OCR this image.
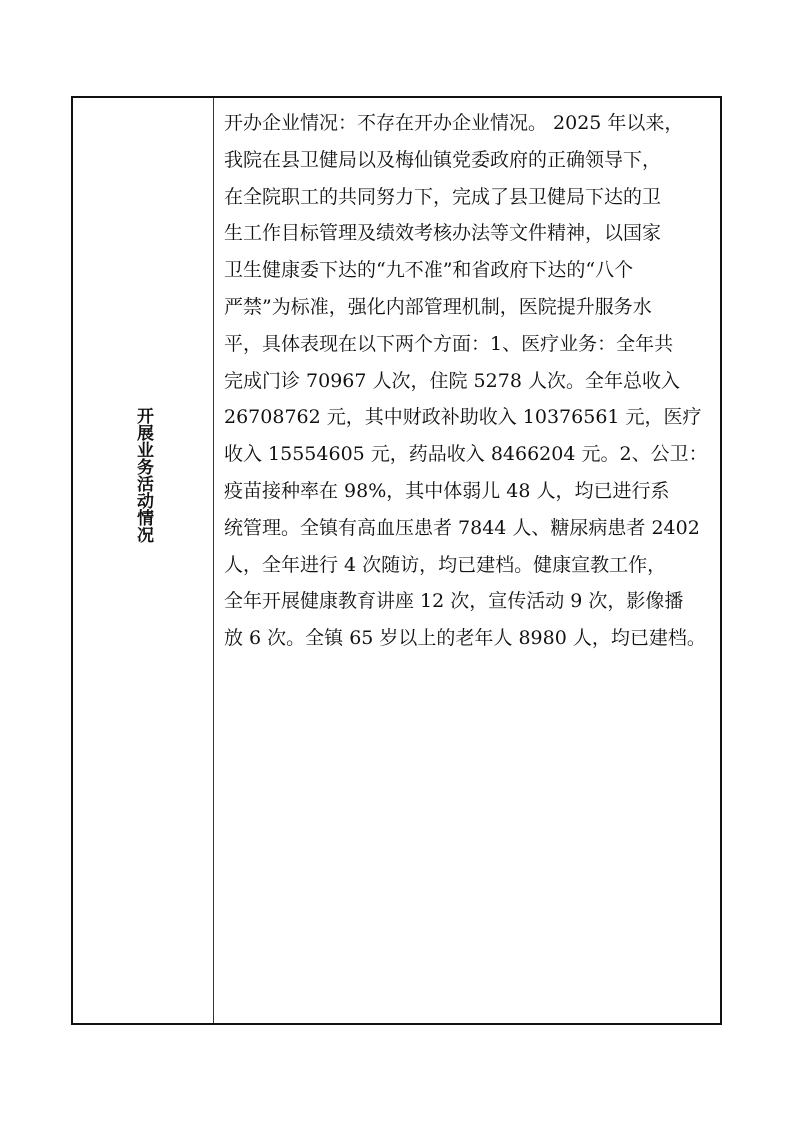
开展业务活动情况

开办企业情况：不存在开办企业情况。 2025 年以来，
我院在县卫健局以及梅仙镇党委政府的正确领导下，
在全院职工的共同努力下，完成了县卫健局下达的卫
生工作目标管理及绩效考核办法等文件精神，以国家
卫生健康委下达的“九不准”和省政府下达的“八个
严禁”为标准，强化内部管理机制，医院提升服务水
平，具体表现在以下两个方面：1、医疗业务：全年共
完成门诊 70967 人次，住院 5278 人次。全年总收入
26708762 元，其中财政补助收入 10376561 元，医疗
收入 15554605 元，药品收入 8466204 元。2、公卫：
疫苗接种率在 98%，其中体弱儿 48 人，均已进行系
统管理。全镇有高血压患者 7844 人、糖尿病患者 2402
人，全年进行 4 次随访，均已建档。健康宣教工作，
全年开展健康教育讲座 12 次，宣传活动 9 次，影像播
放 6 次。全镇 65 岁以上的老年人 8980 人，均已建档。
